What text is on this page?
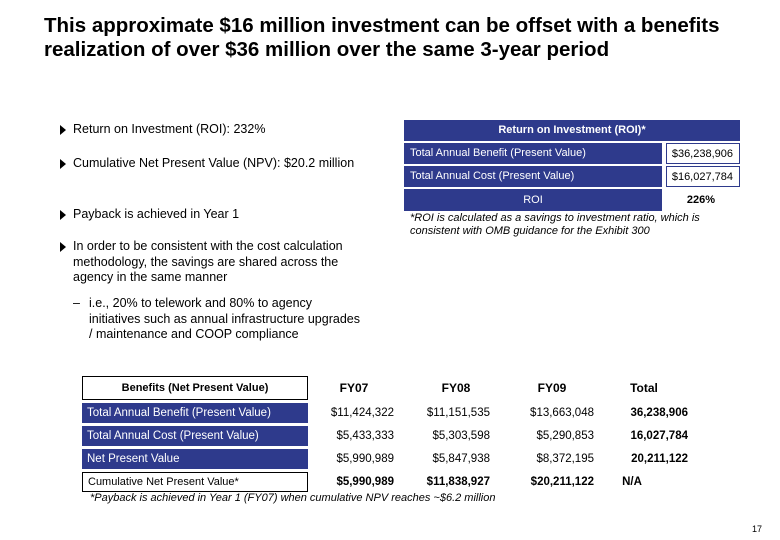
This approximate $16 million investment can be offset with a benefits realization of over $36 million over the same 3-year period
Return on Investment (ROI): 232%
Cumulative Net Present Value (NPV): $20.2 million
Payback is achieved in Year 1
In order to be consistent with the cost calculation methodology, the savings are shared across the agency in the same manner
– i.e., 20% to telework and 80% to agency initiatives such as annual infrastructure upgrades / maintenance and COOP compliance
Return on Investment (ROI)*
Total Annual Benefit (Present Value)	$36,238,906
Total Annual Cost (Present Value)	$16,027,784
ROI	226%
*ROI is calculated as a savings to investment ratio, which is consistent with OMB guidance for the Exhibit 300
Benefits (Net Present Value)	FY07	FY08	FY09	Total
Total Annual Benefit (Present Value)	$11,424,322	$11,151,535	$13,663,048	36,238,906
Total Annual Cost (Present Value)	$5,433,333	$5,303,598	$5,290,853	16,027,784
Net Present Value	$5,990,989	$5,847,938	$8,372,195	20,211,122
Cumulative Net Present Value*	$5,990,989	$11,838,927	$20,211,122	N/A
*Payback is achieved in Year 1 (FY07) when cumulative NPV reaches ~$6.2 million
17
